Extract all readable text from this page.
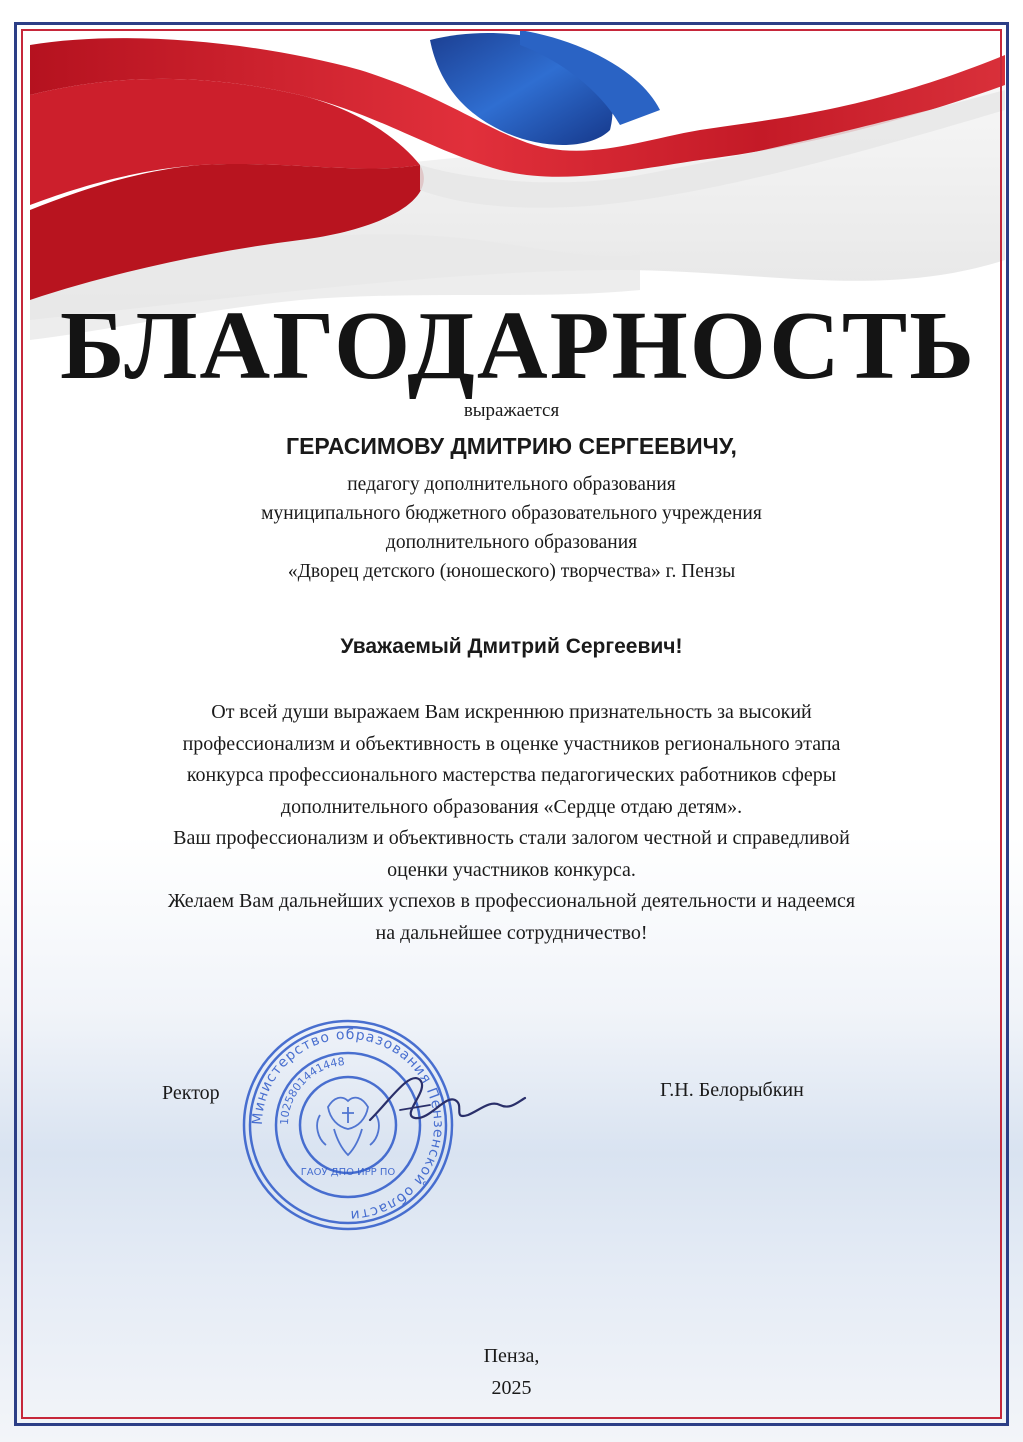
БЛАГОДАРНОСТЬ
выражается
ГЕРАСИМОВУ ДМИТРИЮ СЕРГЕЕВИЧУ,
педагогу дополнительного образования
муниципального бюджетного образовательного учреждения
дополнительного образования
«Дворец детского (юношеского) творчества» г. Пензы
Уважаемый Дмитрий Сергеевич!
От всей души выражаем Вам искреннюю признательность за высокий
профессионализм и объективность в оценке участников регионального этапа
конкурса профессионального мастерства педагогических работников сферы
дополнительного образования «Сердце отдаю детям».
Ваш профессионализм и объективность стали залогом честной и справедливой
оценки участников конкурса.
Желаем Вам дальнейших успехов в профессиональной деятельности и надеемся
на дальнейшее сотрудничество!
Ректор
Министерство образования Пензенской области
1025801441448
ГАОУ ДПО ИРР ПО
Г.Н. Белорыбкин
Пенза,
2025
